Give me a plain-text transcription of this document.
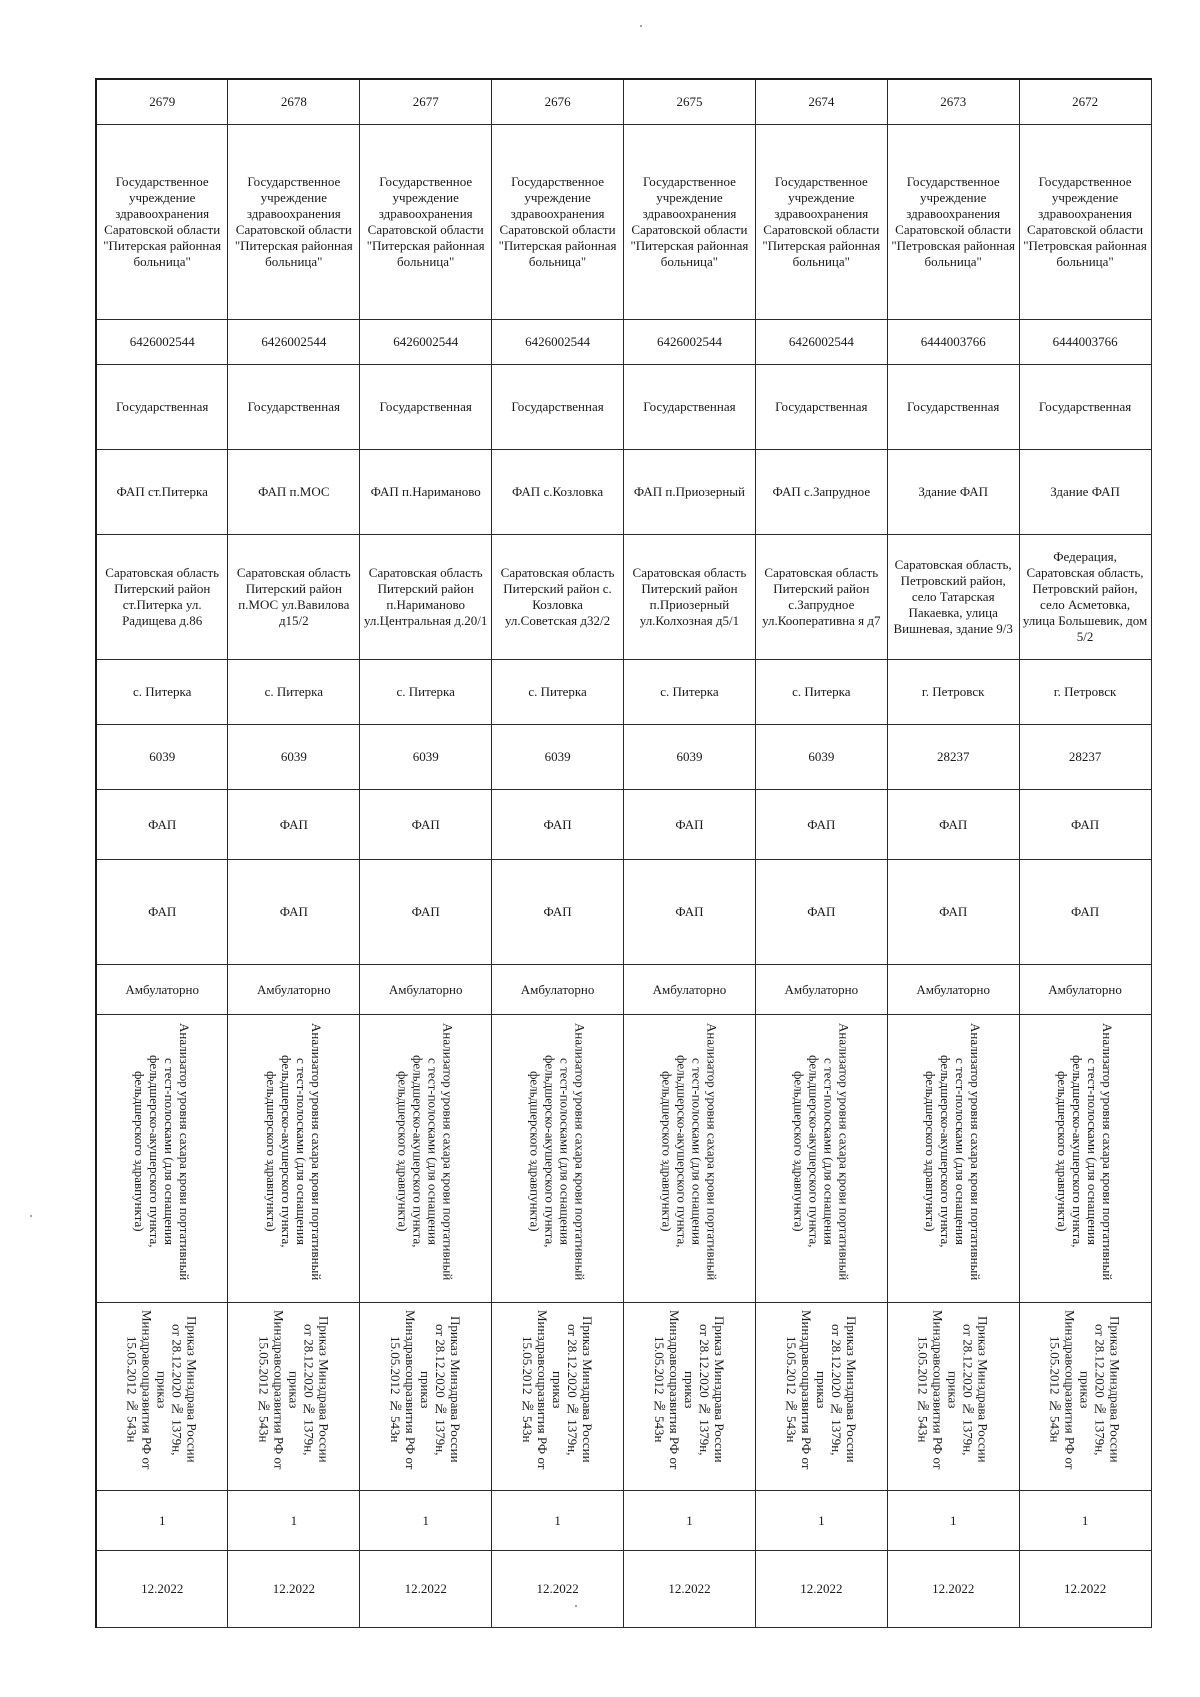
2679	2678	2677	2676	2675	2674	2673	2672

Государственное учреждение здравоохранения Саратовской области "Питерская районная больница"	Государственное учреждение здравоохранения Саратовской области "Питерская районная больница"	Государственное учреждение здравоохранения Саратовской области "Питерская районная больница"	Государственное учреждение здравоохранения Саратовской области "Питерская районная больница"	Государственное учреждение здравоохранения Саратовской области "Питерская районная больница"	Государственное учреждение здравоохранения Саратовской области "Питерская районная больница"	Государственное учреждение здравоохранения Саратовской области "Петровская районная больница"	Государственное учреждение здравоохранения Саратовской области "Петровская районная больница"

6426002544	6426002544	6426002544	6426002544	6426002544	6426002544	6444003766	6444003766

Государственная	Государственная	Государственная	Государственная	Государственная	Государственная	Государственная	Государственная

ФАП ст.Питерка	ФАП п.МОС	ФАП п.Нариманово	ФАП с.Козловка	ФАП п.Приозерный	ФАП с.Запрудное	Здание ФАП	Здание ФАП

Саратовская область Питерский район ст.Питерка ул. Радищева д.86	Саратовская область Питерский район п.МОС ул.Вавилова д15/2	Саратовская область Питерский район п.Нариманово ул.Центральная д.20/1	Саратовская область Питерский район с. Козловка ул.Советская д32/2	Саратовская область Питерский район п.Приозерный ул.Колхозная д5/1	Саратовская область Питерский район с.Запрудное ул.Кооперативна я д7	Саратовская область, Петровский район, село Татарская Пакаевка, улица Вишневая, здание 9/3	Федерация, Саратовская область, Петровский район, село Асметовка, улица Большевик, дом 5/2

с. Питерка	с. Питерка	с. Питерка	с. Питерка	с. Питерка	с. Питерка	г. Петровск	г. Петровск

6039	6039	6039	6039	6039	6039	28237	28237

ФАП	ФАП	ФАП	ФАП	ФАП	ФАП	ФАП	ФАП

ФАП	ФАП	ФАП	ФАП	ФАП	ФАП	ФАП	ФАП

Амбулаторно	Амбулаторно	Амбулаторно	Амбулаторно	Амбулаторно	Амбулаторно	Амбулаторно	Амбулаторно

Анализатор уровня сахара крови портативный с тест-полосками (для оснащения фельдшерско-акушерского пункта, фельдшерского здравпункта)	Анализатор уровня сахара крови портативный с тест-полосками (для оснащения фельдшерско-акушерского пункта, фельдшерского здравпункта)	Анализатор уровня сахара крови портативный с тест-полосками (для оснащения фельдшерско-акушерского пункта, фельдшерского здравпункта)	Анализатор уровня сахара крови портативный с тест-полосками (для оснащения фельдшерско-акушерского пункта, фельдшерского здравпункта)	Анализатор уровня сахара крови портативный с тест-полосками (для оснащения фельдшерско-акушерского пункта, фельдшерского здравпункта)	Анализатор уровня сахара крови портативный с тест-полосками (для оснащения фельдшерско-акушерского пункта, фельдшерского здравпункта)	Анализатор уровня сахара крови портативный с тест-полосками (для оснащения фельдшерско-акушерского пункта, фельдшерского здравпункта)	Анализатор уровня сахара крови портативный с тест-полосками (для оснащения фельдшерско-акушерского пункта, фельдшерского здравпункта)

Приказ Минздрава России от 28.12.2020 № 1379н, приказ Минздравсоцразвития РФ от 15.05.2012 № 543н	Приказ Минздрава России от 28.12.2020 № 1379н, приказ Минздравсоцразвития РФ от 15.05.2012 № 543н	Приказ Минздрава России от 28.12.2020 № 1379н, приказ Минздравсоцразвития РФ от 15.05.2012 № 543н	Приказ Минздрава России от 28.12.2020 № 1379н, приказ Минздравсоцразвития РФ от 15.05.2012 № 543н	Приказ Минздрава России от 28.12.2020 № 1379н, приказ Минздравсоцразвития РФ от 15.05.2012 № 543н	Приказ Минздрава России от 28.12.2020 № 1379н, приказ Минздравсоцразвития РФ от 15.05.2012 № 543н	Приказ Минздрава России от 28.12.2020 № 1379н, приказ Минздравсоцразвития РФ от 15.05.2012 № 543н	Приказ Минздрава России от 28.12.2020 № 1379н, приказ Минздравсоцразвития РФ от 15.05.2012 № 543н

1	1	1	1	1	1	1	1

12.2022	12.2022	12.2022	12.2022	12.2022	12.2022	12.2022	12.2022
